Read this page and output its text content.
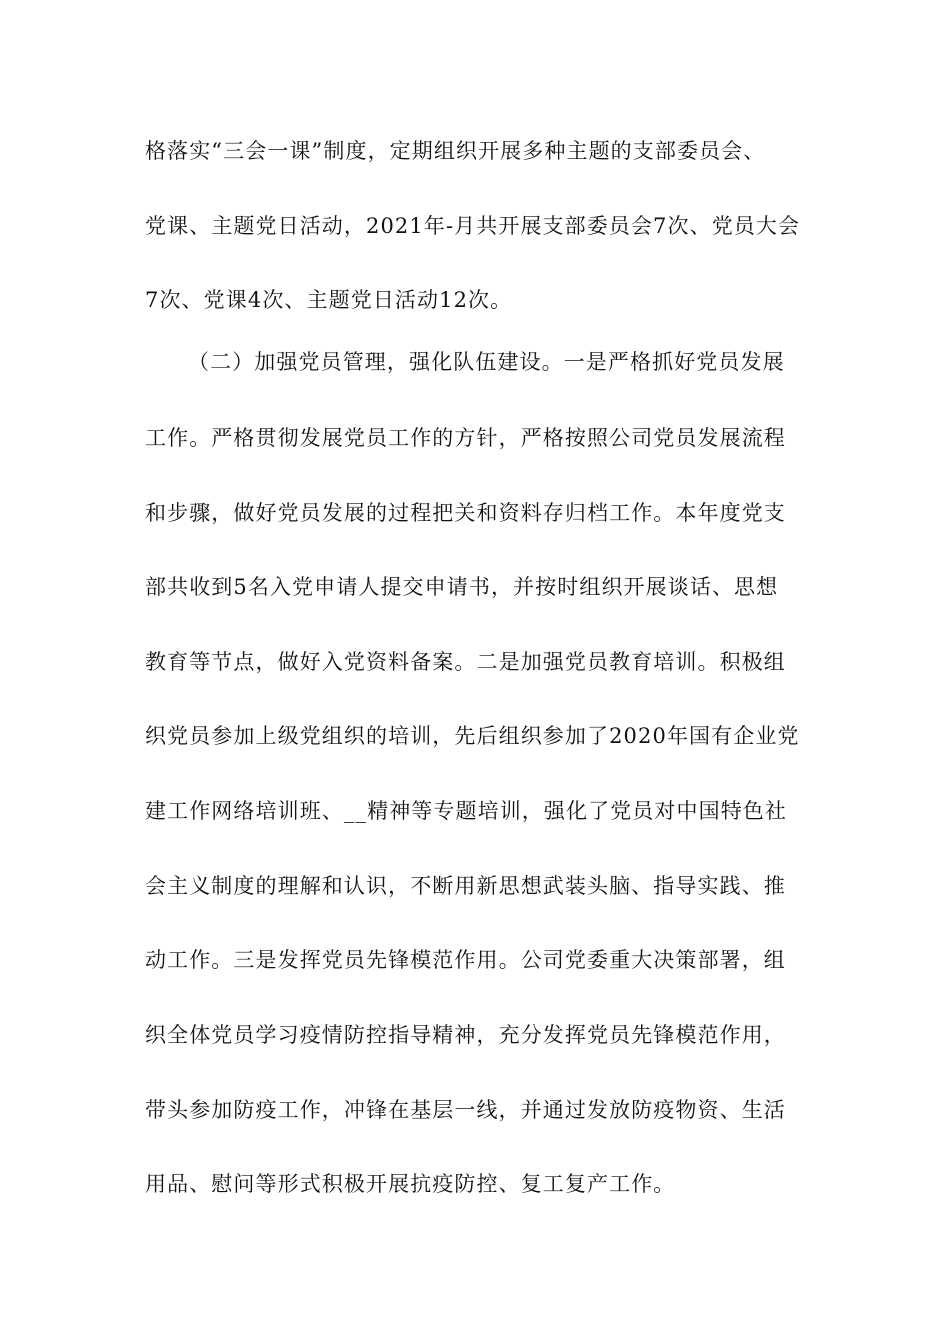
格落实“三会一课”制度，定期组织开展多种主题的支部委员会、
党课、主题党日活动，2021年-月共开展支部委员会7次、党员大会
7次、党课4次、主题党日活动12次。
（二）加强党员管理，强化队伍建设。一是严格抓好党员发展
工作。严格贯彻发展党员工作的方针，严格按照公司党员发展流程
和步骤，做好党员发展的过程把关和资料存归档工作。本年度党支
部共收到5名入党申请人提交申请书，并按时组织开展谈话、思想
教育等节点，做好入党资料备案。二是加强党员教育培训。积极组
织党员参加上级党组织的培训，先后组织参加了2020年国有企业党
建工作网络培训班、__精神等专题培训，强化了党员对中国特色社
会主义制度的理解和认识，不断用新思想武装头脑、指导实践、推
动工作。三是发挥党员先锋模范作用。公司党委重大决策部署，组
织全体党员学习疫情防控指导精神，充分发挥党员先锋模范作用，
带头参加防疫工作，冲锋在基层一线，并通过发放防疫物资、生活
用品、慰问等形式积极开展抗疫防控、复工复产工作。
